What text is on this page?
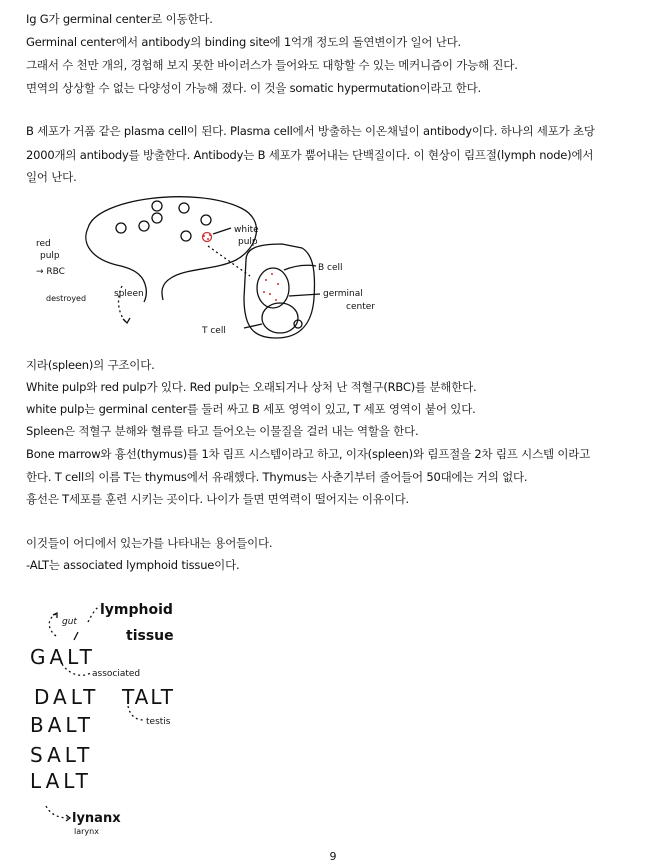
Ig G가 germinal center로 이동한다.
Germinal center에서 antibody의 binding site에 1억개 정도의 돌연변이가 일어 난다.
그래서 수 천만 개의, 경험해 보지 못한 바이러스가 들어와도 대항할 수 있는 메커니즘이 가능해 진다.
면역의 상상할 수 없는 다양성이 가능해 졌다. 이 것을 somatic hypermutation이라고 한다.
B 세포가 거품 같은 plasma cell이 된다. Plasma cell에서 방출하는 이온채널이 antibody이다. 하나의 세포가 초당
2000개의 antibody를 방출한다. Antibody는 B 세포가 뿜어내는 단백질이다. 이 현상이 림프절(lymph node)에서
일어 난다.
red
pulp
→ RBC
destroyed	spleen
white
pulp
B cell
germinal
center
T cell
지라(spleen)의 구조이다.
White pulp와 red pulp가 있다. Red pulp는 오래되거나 상처 난 적혈구(RBC)를 분해한다.
white pulp는 germinal center를 둘러 싸고 B 세포 영역이 있고, T 세포 영역이 붙어 있다.
Spleen은 적혈구 분해와 혈류를 타고 들어오는 이물질을 걸러 내는 역할을 한다.
Bone marrow와 흉선(thymus)를 1차 림프 시스템이라고 하고, 이자(spleen)와 림프절을 2차 림프 시스템 이라고
한다. T cell의 이름 T는 thymus에서 유래했다. Thymus는 사춘기부터 줄어들어 50대에는 거의 없다.
흉선은 T세포를 훈련 시키는 곳이다. 나이가 들면 면역력이 떨어지는 이유이다.
이것들이 어디에서 있는가를 나타내는 용어들이다.
-ALT는 associated lymphoid tissue이다.
gut
lymphoid
tissue
GALT
associated
DALT TALT
testis
BALT
SALT
LALT
lynanx
larynx
9
